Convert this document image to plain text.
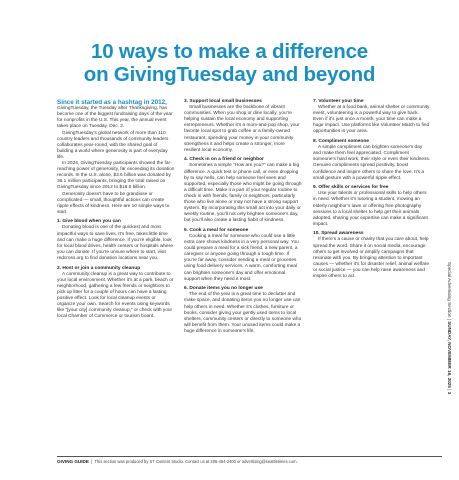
10 ways to make a difference
on GivingTuesday and beyond
Since it started as a hashtag in 2012,

GivingTuesday, the Tuesday after Thanksgiving, has become one of the biggest fundraising days of the year for nonprofits in the U.S. This year, the annual event takes place on Tuesday, Dec. 2.

GivingTuesday’s global network of more than 110 country leaders and thousands of community leaders collaborates year-round, with the shared goal of building a world where generosity is part of everyday life.

In 2024, GivingTuesday participants showed the far-reaching power of generosity, far exceeding its donation records. In the U.S. alone, $3.6 billion was donated by 36.1 million participants, bringing the total raised on GivingTuesday since 2012 to $18.5 billion.

Generosity doesn’t have to be grandiose or complicated — small, thoughtful actions can create ripple effects of kindness. Here are 10 simple ways to start.

1. Give blood when you can

Donating blood is one of the quickest and most impactful ways to save lives. It’s free, takes little time and can make a huge difference. If you’re eligible, look for local blood drives, health centers or hospitals where you can donate. If you’re unsure where to start, visit redcross.org to find donation locations near you.

2. Host or join a community cleanup

A community cleanup is a great way to contribute to your local environment. Whether it’s at a park, beach or neighborhood, gathering a few friends or neighbors to pick up litter for a couple of hours can have a lasting positive effect. Look for local cleanup events or organize your own. Search for events using keywords like “[your city] community cleanup,” or check with your local Chamber of Commerce or tourism board.

3. Support local small businesses

Small businesses are the backbone of vibrant communities. When you shop or dine locally, you’re helping sustain the local economy and supporting entrepreneurs. Whether it’s a mom-and-pop shop, your favorite local spot to grab coffee or a family-owned restaurant, spending your money in your community strengthens it and helps create a stronger, more resilient local economy.

4. Check in on a friend or neighbor

Sometimes a simple “How are you?” can make a big difference. A quick text or phone call, or even dropping by to say hello, can help someone feel seen and supported, especially those who might be going through a difficult time. Make it a part of your regular routine to check in with friends, family or neighbors, particularly those who live alone or may not have a strong support system. By incorporating this small act into your daily or weekly routine, you’ll not only brighten someone’s day, but you’ll also create a lasting habit of kindness.

5. Cook a meal for someone

Cooking a meal for someone who could use a little extra care shows kindness in a very personal way. You could prepare a meal for a sick friend, a new parent, a caregiver or anyone going through a tough time. If you’re far away, consider sending a meal or groceries using food delivery services. A warm, comforting meal can brighten someone’s day and offer emotional support when they need it most.

6. Donate items you no longer use

The end of the year is a great time to declutter and make space, and donating items you no longer use can help others in need. Whether it’s clothes, furniture or books, consider giving your gently used items to local shelters, community centers or directly to someone who will benefit from them. Your unused items could make a huge difference in someone’s life.

7. Volunteer your time

Whether at a food bank, animal shelter or community event, volunteering is a powerful way to give back. Even if it’s just once a month, your time can make a huge impact. Use platforms like Volunteer Match to find opportunities in your area.

8. Compliment someone

A simple compliment can brighten someone’s day and make them feel appreciated. Compliment someone’s hard work, their style or even their kindness. Genuine compliments spread positivity, boost confidence and inspire others to share the love. It’s a small gesture with a powerful ripple effect.

9. Offer skills or services for free

Use your talents or professional skills to help others in need. Whether it’s tutoring a student, mowing an elderly neighbor’s lawn or offering free photography sessions to a local shelter to help get their animals adopted, sharing your expertise can make a significant impact.

10. Spread awareness

If there’s a cause or charity that you care about, help spread the word. Share it on social media, encourage others to get involved or amplify campaigns that resonate with you. By bringing attention to important causes — whether it’s for disaster relief, animal welfare or social justice — you can help raise awareness and inspire others to act.

GIVING GUIDE  |  This section was produced by ST Content Studio. Contact us at 206-464-2400 or advertising@seattletimes.com.
Special Advertising Section | SUNDAY, NOVEMBER 16, 2025 | 3
